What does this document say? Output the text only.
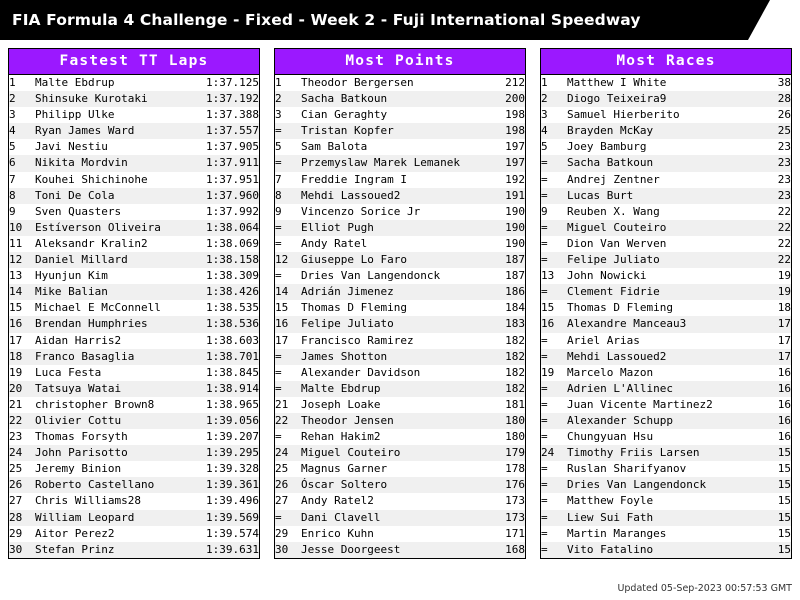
FIA Formula 4 Challenge - Fixed - Week 2 - Fuji International Speedway
Fastest TT Laps
1	Malte Ebdrup	1:37.125
2	Shinsuke Kurotaki	1:37.192
3	Philipp Ulke	1:37.388
4	Ryan James Ward	1:37.557
5	Javi Nestiu	1:37.905
6	Nikita Mordvin	1:37.911
7	Kouhei Shichinohe	1:37.951
8	Toni De Cola	1:37.960
9	Sven Quasters	1:37.992
10	Estíverson Oliveira	1:38.064
11	Aleksandr Kralin2	1:38.069
12	Daniel Millard	1:38.158
13	Hyunjun Kim	1:38.309
14	Mike Balian	1:38.426
15	Michael E McConnell	1:38.535
16	Brendan Humphries	1:38.536
17	Aidan Harris2	1:38.603
18	Franco Basaglia	1:38.701
19	Luca Festa	1:38.845
20	Tatsuya Watai	1:38.914
21	christopher Brown8	1:38.965
22	Olivier Cottu	1:39.056
23	Thomas Forsyth	1:39.207
24	John Parisotto	1:39.295
25	Jeremy Binion	1:39.328
26	Roberto Castellano	1:39.361
27	Chris Williams28	1:39.496
28	William Leopard	1:39.569
29	Aitor Perez2	1:39.574
30	Stefan Prinz	1:39.631
Most Points
1	Theodor Bergersen	212
2	Sacha Batkoun	200
3	Cian Geraghty	198
=	Tristan Kopfer	198
5	Sam Balota	197
=	Przemyslaw Marek Lemanek	197
7	Freddie Ingram I	192
8	Mehdi Lassoued2	191
9	Vincenzo Sorice Jr	190
=	Elliot Pugh	190
=	Andy Ratel	190
12	Giuseppe Lo Faro	187
=	Dries Van Langendonck	187
14	Adrián Jimenez	186
15	Thomas D Fleming	184
16	Felipe Juliato	183
17	Francisco Ramirez	182
=	James Shotton	182
=	Alexander Davidson	182
=	Malte Ebdrup	182
21	Joseph Loake	181
22	Theodor Jensen	180
=	Rehan Hakim2	180
24	Miguel Couteiro	179
25	Magnus Garner	178
26	Óscar Soltero	176
27	Andy Ratel2	173
=	Dani Clavell	173
29	Enrico Kuhn	171
30	Jesse Doorgeest	168
Most Races
1	Matthew I White	38
2	Diogo Teixeira9	28
3	Samuel Hierberito	26
4	Brayden McKay	25
5	Joey Bamburg	23
=	Sacha Batkoun	23
=	Andrej Zentner	23
=	Lucas Burt	23
9	Reuben X. Wang	22
=	Miguel Couteiro	22
=	Dion Van Werven	22
=	Felipe Juliato	22
13	John Nowicki	19
=	Clement Fidrie	19
15	Thomas D Fleming	18
16	Alexandre Manceau3	17
=	Ariel Arias	17
=	Mehdi Lassoued2	17
19	Marcelo Mazon	16
=	Adrien L'Allinec	16
=	Juan Vicente Martinez2	16
=	Alexander Schupp	16
=	Chungyuan Hsu	16
24	Timothy Friis Larsen	15
=	Ruslan Sharifyanov	15
=	Dries Van Langendonck	15
=	Matthew Foyle	15
=	Liew Sui Fath	15
=	Martin Maranges	15
=	Vito Fatalino	15
Updated 05-Sep-2023 00:57:53 GMT
